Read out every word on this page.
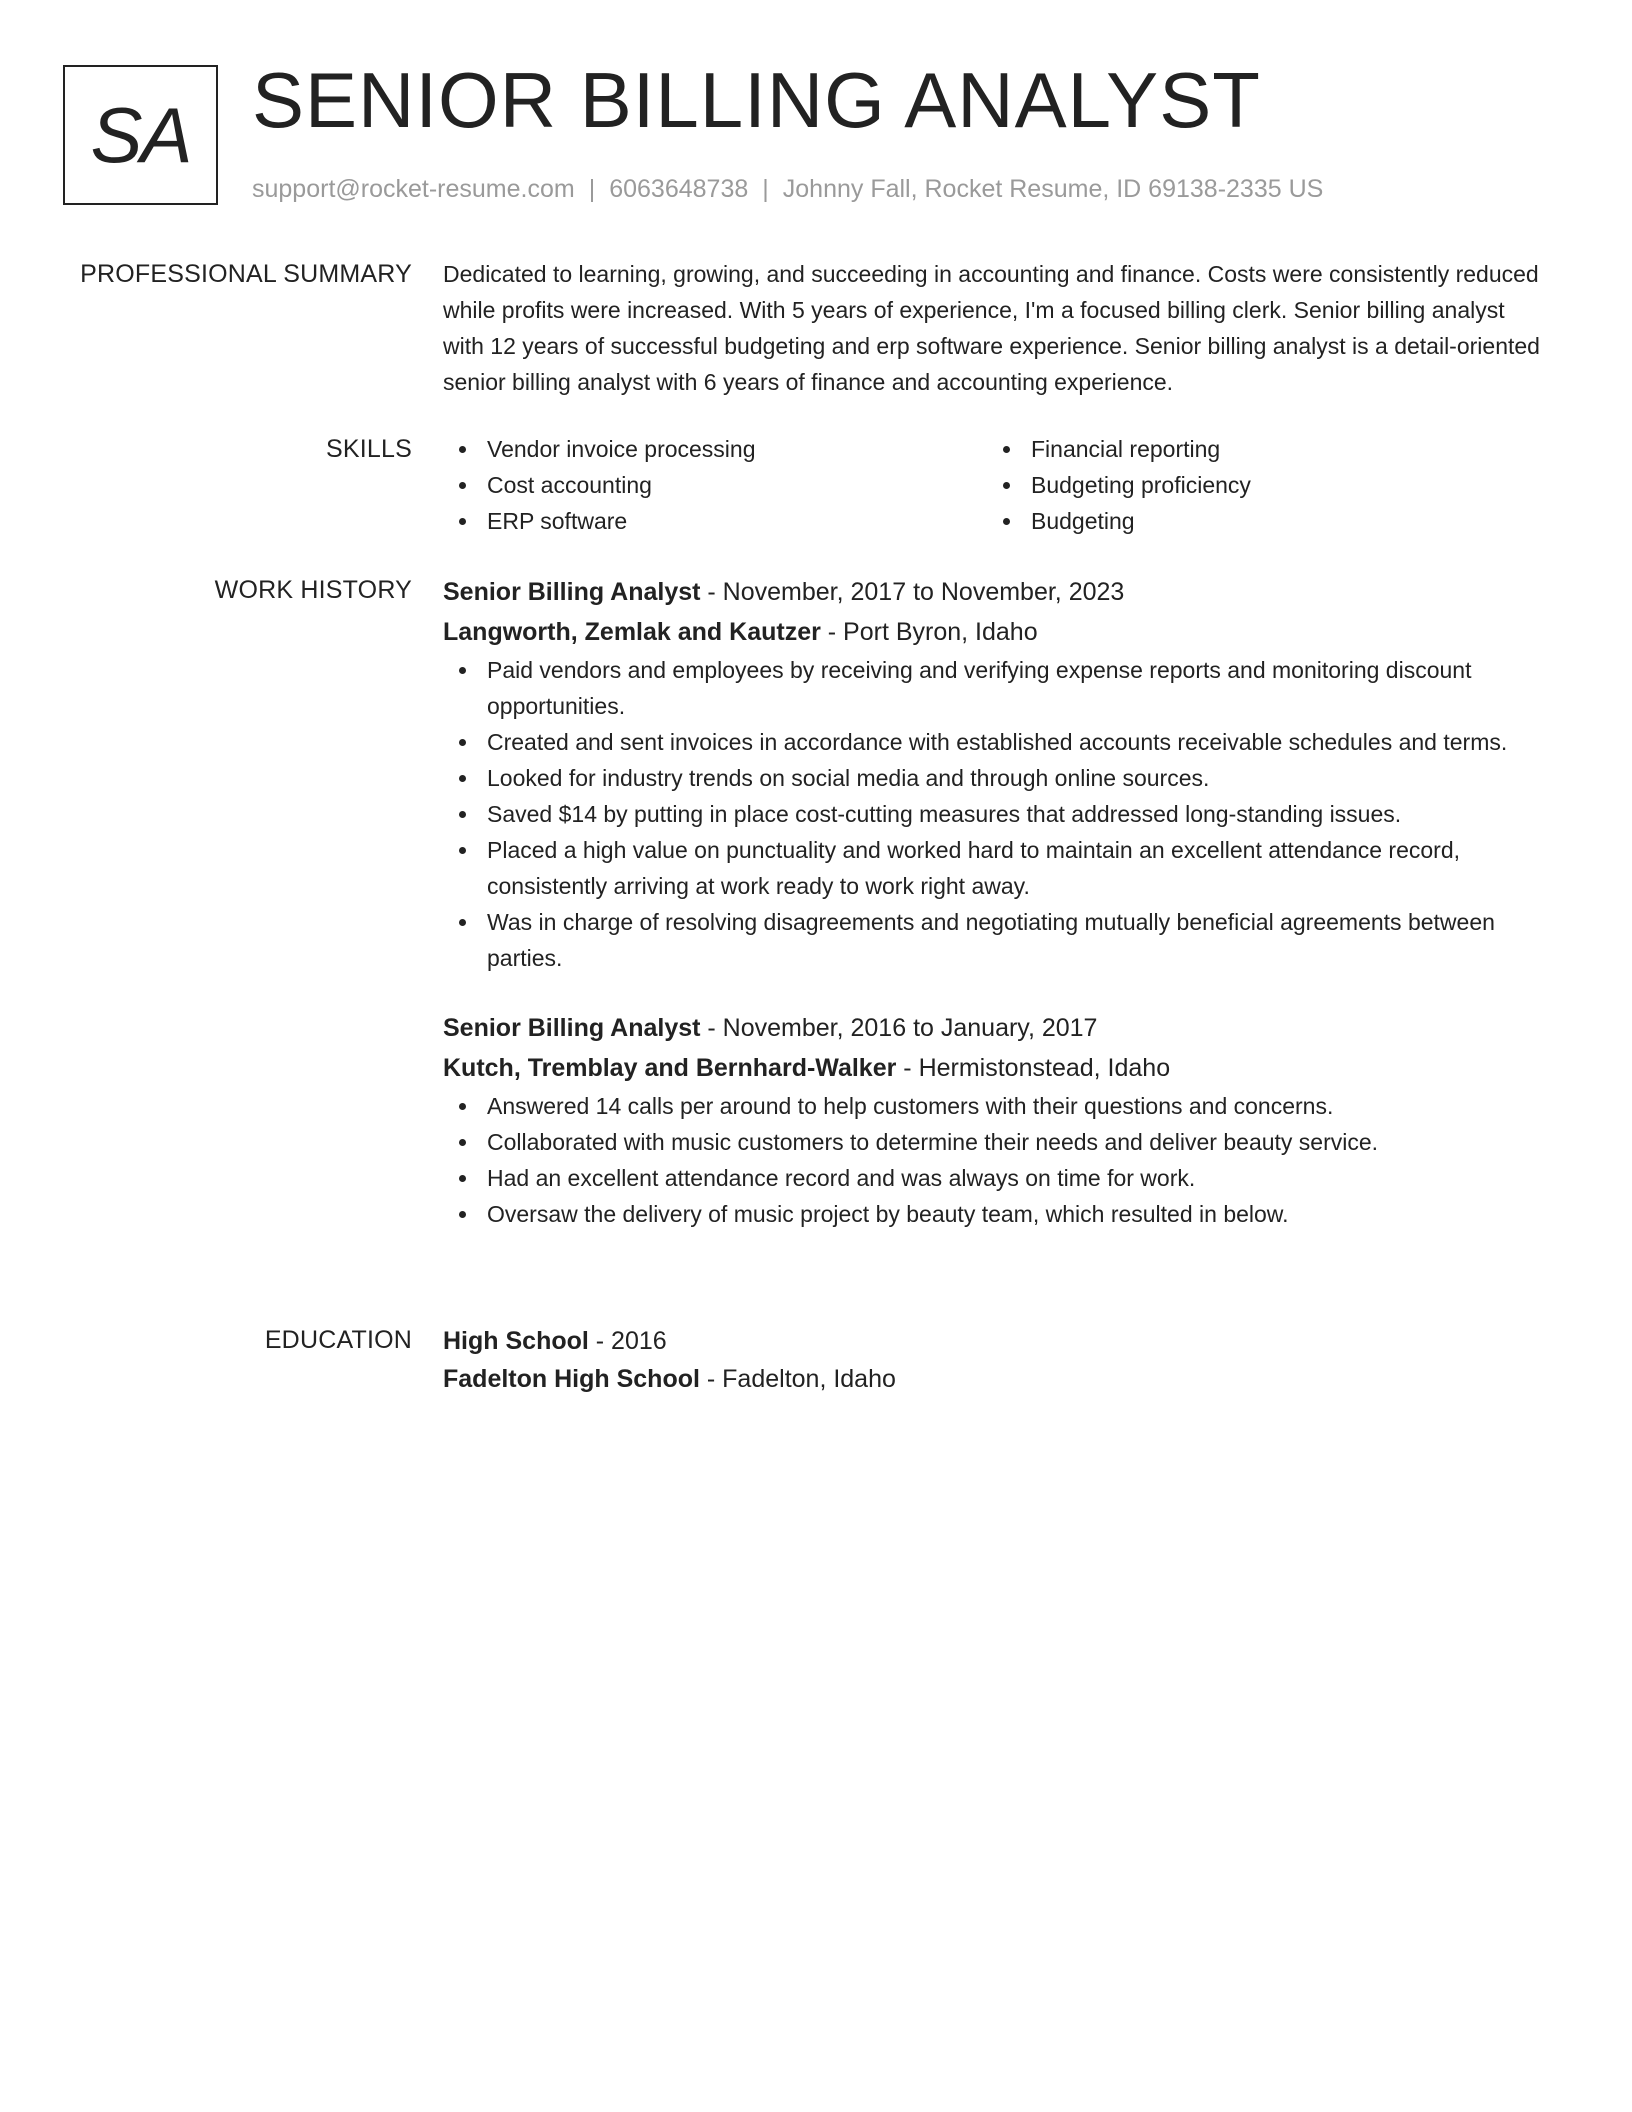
SA SENIOR BILLING ANALYST
support@rocket-resume.com | 6063648738 | Johnny Fall, Rocket Resume, ID 69138-2335 US
PROFESSIONAL SUMMARY Dedicated to learning, growing, and succeeding in accounting and finance. Costs were consistently reduced while profits were increased. With 5 years of experience, I'm a focused billing clerk. Senior billing analyst with 12 years of successful budgeting and erp software experience. Senior billing analyst is a detail-oriented senior billing analyst with 6 years of finance and accounting experience.

SKILLS	Vendor invoice processing
Cost accounting
ERP software
Financial reporting
Budgeting proficiency
Budgeting
WORK HISTORY Senior Billing Analyst - November, 2017 to November, 2023
Langworth, Zemlak and Kautzer - Port Byron, Idaho
Paid vendors and employees by receiving and verifying expense reports and monitoring discount opportunities.
Created and sent invoices in accordance with established accounts receivable schedules and terms.
Looked for industry trends on social media and through online sources.
Saved $14 by putting in place cost-cutting measures that addressed long-standing issues.
Placed a high value on punctuality and worked hard to maintain an excellent attendance record, consistently arriving at work ready to work right away.
Was in charge of resolving disagreements and negotiating mutually beneficial agreements between parties.
Senior Billing Analyst - November, 2016 to January, 2017
Kutch, Tremblay and Bernhard-Walker - Hermistonstead, Idaho
Answered 14 calls per around to help customers with their questions and concerns.
Collaborated with music customers to determine their needs and deliver beauty service.
Had an excellent attendance record and was always on time for work.
Oversaw the delivery of music project by beauty team, which resulted in below.
EDUCATION High School - 2016
Fadelton High School - Fadelton, Idaho
